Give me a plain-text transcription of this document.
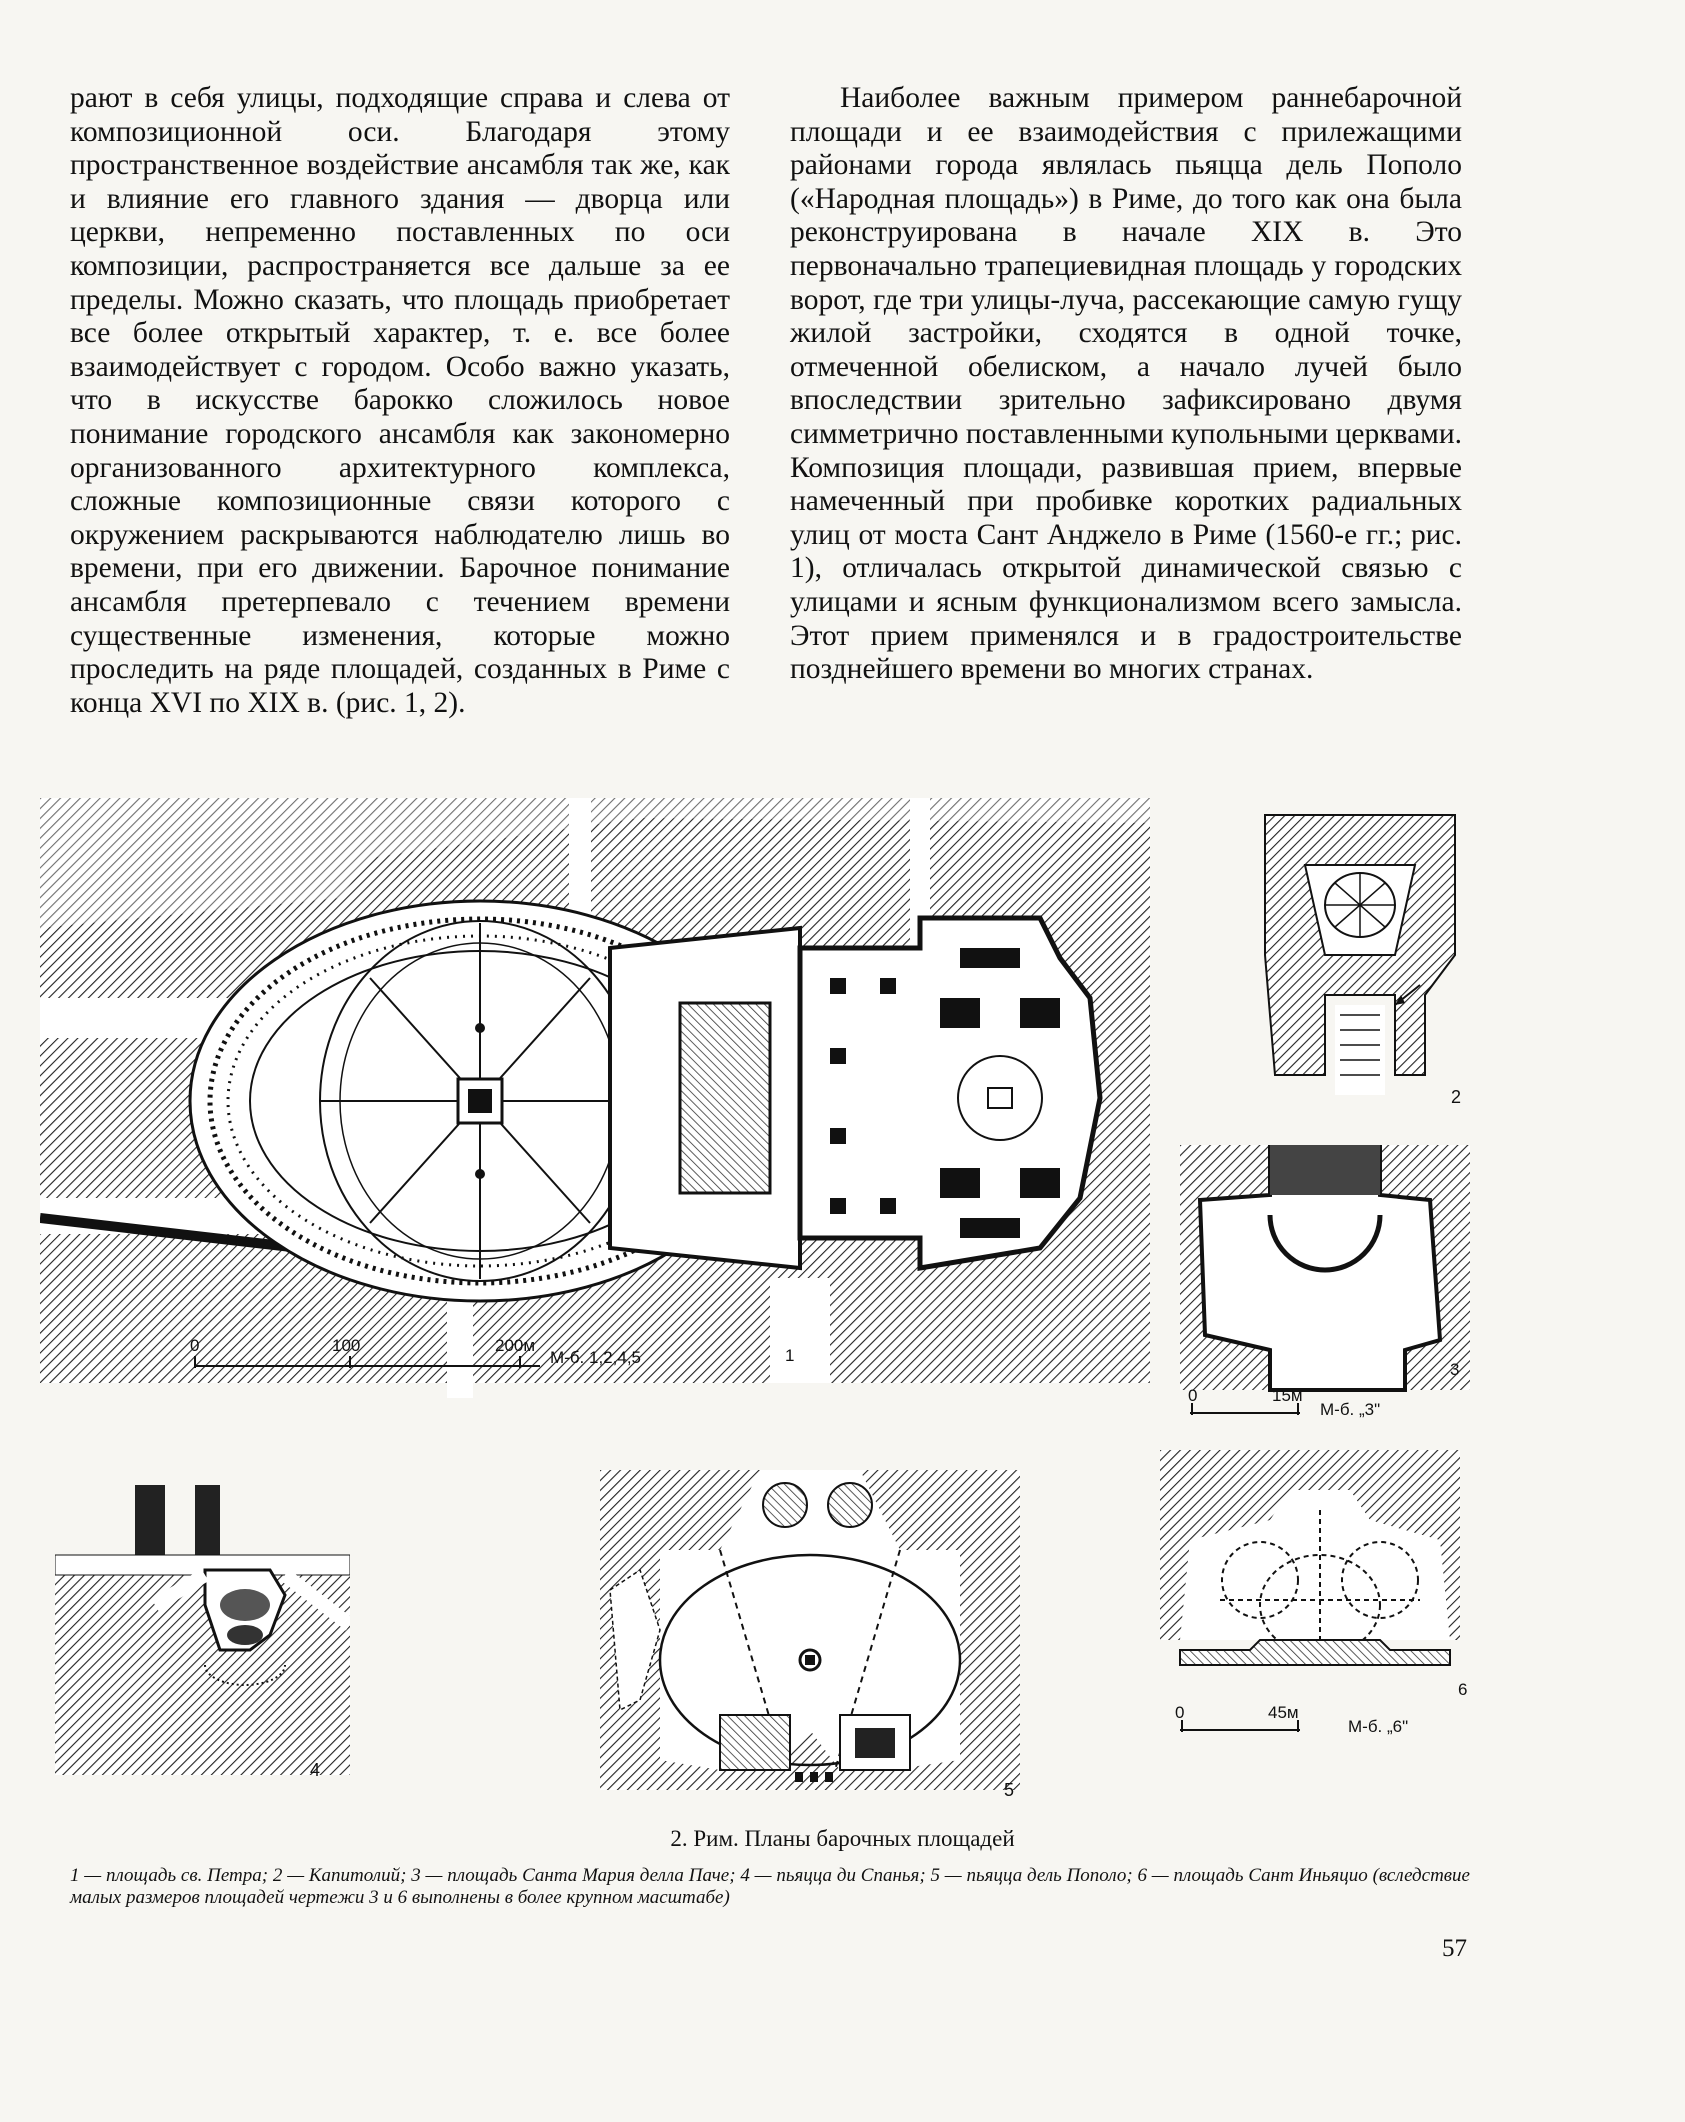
рают в себя улицы, подходящие справа и слева от композиционной оси. Благодаря этому пространственное воздействие ансамбля так же, как и влияние его главного здания — дворца или церкви, непременно поставленных по оси композиции, распространяется все дальше за ее пределы. Можно сказать, что площадь приобретает все более открытый характер, т. е. все более взаимодействует с городом. Особо важно указать, что в искусстве барокко сложилось новое понимание городского ансамбля как закономерно организованного архитектурного комплекса, сложные композиционные связи которого с окружением раскрываются наблюдателю лишь во времени, при его движении. Барочное понимание ансамбля претерпевало с течением времени существенные изменения, которые можно проследить на ряде площадей, созданных в Риме с конца XVI по XIX в. (рис. 1, 2).

Наиболее важным примером раннебарочной площади и ее взаимодействия с прилежащими районами города являлась пьяцца дель Пополо («Народная площадь») в Риме, до того как она была реконструирована в начале XIX в. Это первоначально трапециевидная площадь у городских ворот, где три улицы-луча, рассекающие самую гущу жилой застройки, сходятся в одной точке, отмеченной обелиском, а начало лучей было впоследствии зрительно зафиксировано двумя симметрично поставленными купольными церквами. Композиция площади, развившая прием, впервые намеченный при пробивке коротких радиальных улиц от моста Сант Анджело в Риме (1560-е гг.; рис. 1), отличалась открытой динамической связью с улицами и ясным функционализмом всего замысла. Этот прием применялся и в градостроительстве позднейшего времени во многих странах.

0	100	200м
М-б. 1,2,4,5	1
2
0	15м
М-б. „3"
3
4
5
0	45м
М-б. „6"
6
2. Рим. Планы барочных площадей
1 — площадь св. Петра; 2 — Капитолий; 3 — площадь Санта Мария делла Паче; 4 — пьяцца ди Спанья; 5 — пьяцца дель Пополо; 6 — площадь Сант Иньяцио (вследствие малых размеров площадей чертежи 3 и 6 выполнены в более крупном масштабе)
57
